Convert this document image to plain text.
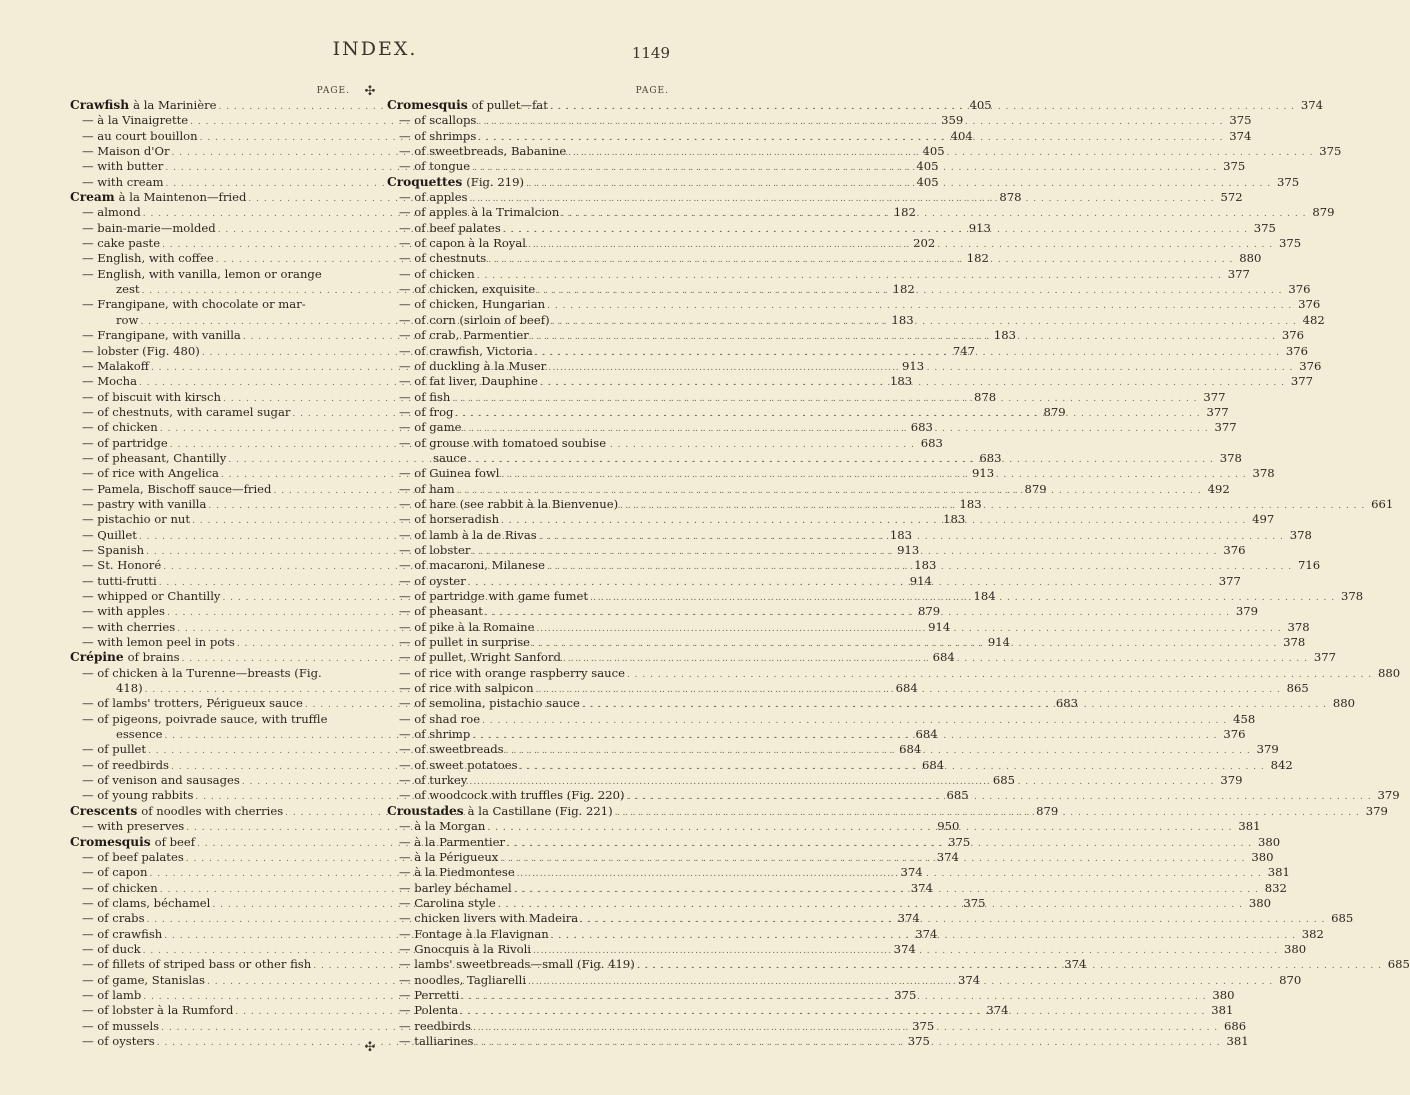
INDEX.	1149
✣
✣
PAGE.
Crawfish à la Marinière . . .	405
— à la Vinaigrette . . .	359
— au court bouillon . . .	404
— Maison d'Or . . .	405
— with butter . . .	405
— with cream . . .	405
Cream à la Maintenon—fried . . .	878
— almond . . .	182
— bain-marie—molded . . .	913
— cake paste . . .	202
— English, with coffee . . .	182
— English, with vanilla, lemon or orange
zest . . .	182
— Frangipane, with chocolate or mar-
row . . .	183
— Frangipane, with vanilla . . .	183
— lobster (Fig. 480) . . .	747
— Malakoff . . .	913
— Mocha . . .	183
— of biscuit with kirsch . . .	878
— of chestnuts, with caramel sugar . . .	879
— of chicken . . .	683
— of partridge . . .	683
— of pheasant, Chantilly . . .	683
— of rice with Angelica . . .	913
— Pamela, Bischoff sauce—fried . . .	879
— pastry with vanilla . . .	183
— pistachio or nut . . .	183
— Quillet . . .	183
— Spanish . . .	913
— St. Honoré . . .	183
— tutti-frutti . . .	914
— whipped or Chantilly . . .	184
— with apples . . .	879
— with cherries . . .	914
— with lemon peel in pots . . .	914
Crépine of brains . . .	684
— of chicken à la Turenne—breasts (Fig.
418) . . .	684
— of lambs' trotters, Périgueux sauce . . .	683
— of pigeons, poivrade sauce, with truffle
essence . . .	684
— of pullet . . .	684
— of reedbirds . . .	684
— of venison and sausages . . .	685
— of young rabbits . . .	685
Crescents of noodles with cherries . . .	879
— with preserves . . .	950
Cromesquis of beef . . .	375
— of beef palates . . .	374
— of capon . . .	374
— of chicken . . .	374
— of clams, béchamel . . .	375
— of crabs . . .	374
— of crawfish . . .	374
— of duck . . .	374
— of fillets of striped bass or other fish . . .	374
— of game, Stanislas . . .	374
— of lamb . . .	375
— of lobster à la Rumford . . .	374
— of mussels . . .	375
— of oysters . . .	375
PAGE.
Cromesquis of pullet—fat . . .	374
— of scallops . . .	375
— of shrimps . . .	374
— of sweetbreads, Babanine . . .	375
— of tongue . . .	375
Croquettes (Fig. 219) . . .	375
— of apples . . .	572
— of apples à la Trimalcion . . .	879
— of beef palates . . .	375
— of capon à la Royal . . .	375
— of chestnuts . . .	880
— of chicken . . .	377
— of chicken, exquisite . . .	376
— of chicken, Hungarian . . .	376
— of corn (sirloin of beef) . . .	482
— of crab, Parmentier . . .	376
— of crawfish, Victoria . . .	376
— of duckling à la Muser . . .	376
— of fat liver, Dauphine . . .	377
— of fish . . .	377
— of frog . . .	377
— of game . . .	377
— of grouse with tomatoed soubise
sauce . . .	378
— of Guinea fowl . . .	378
— of ham . . .	492
— of hare (see rabbit à la Bienvenue) . . .	661
— of horseradish . . .	497
— of lamb à la de Rivas . . .	378
— of lobster . . .	376
— of macaroni, Milanese . . .	716
— of oyster . . .	377
— of partridge with game fumet . . .	378
— of pheasant . . .	379
— of pike à la Romaine . . .	378
— of pullet in surprise . . .	378
— of pullet, Wright Sanford . . .	377
— of rice with orange raspberry sauce . . .	880
— of rice with salpicon . . .	865
— of semolina, pistachio sauce . . .	880
— of shad roe . . .	458
— of shrimp . . .	376
— of sweetbreads . . .	379
— of sweet potatoes . . .	842
— of turkey . . .	379
— of woodcock with truffles (Fig. 220) . . .	379
Croustades à la Castillane (Fig. 221) . . .	379
— à la Morgan . . .	381
— à la Parmentier . . .	380
— à la Périgueux . . .	380
— à la Piedmontese . . .	381
— barley béchamel . . .	832
— Carolina style . . .	380
— chicken livers with Madeira . . .	685
— Fontage à la Flavignan . . .	382
— Gnocquis à la Rivoli . . .	380
— lambs' sweetbreads—small (Fig. 419) . . .	685
— noodles, Tagliarelli . . .	870
— Perretti . . .	380
— Polenta . . .	381
— reedbirds . . .	686
— talliarines . . .	381
